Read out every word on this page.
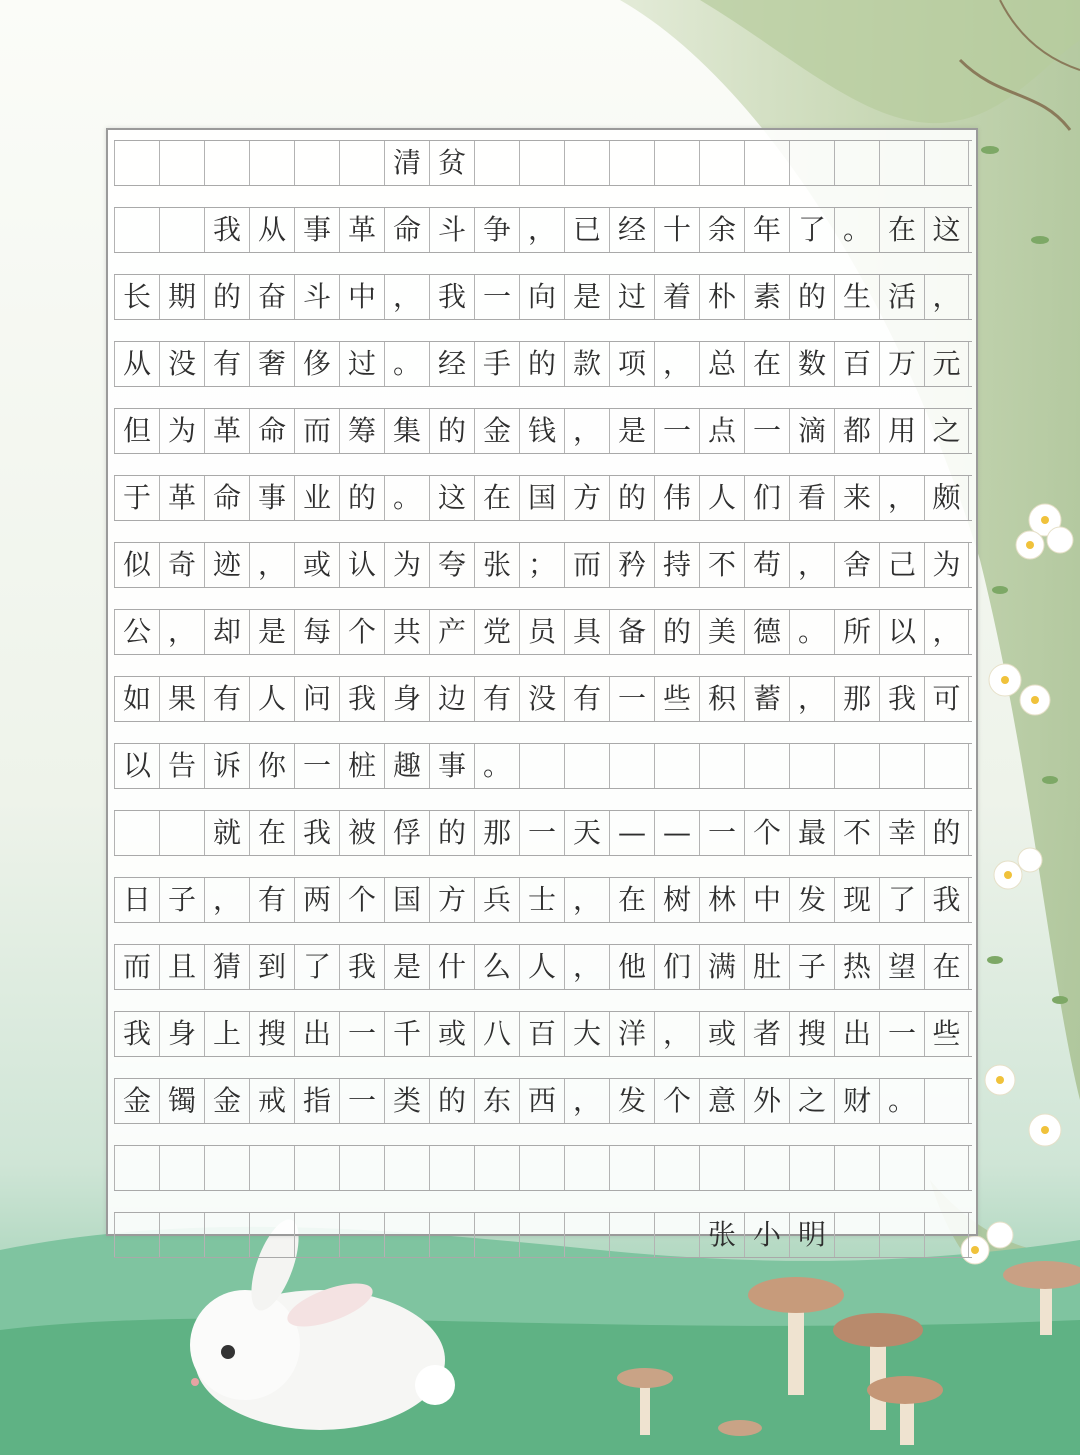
清 贫
我 从 事 革 命 斗 争 ， 已 经 十 余 年 了 。 在 这
长 期 的 奋 斗 中 ， 我 一 向 是 过 着 朴 素 的 生 活 ，
从 没 有 奢 侈 过 。 经 手 的 款 项 ， 总 在 数 百 万 元
但 为 革 命 而 筹 集 的 金 钱 ， 是 一 点 一 滴 都 用 之
于 革 命 事 业 的 。 这 在 国 方 的 伟 人 们 看 来 ， 颇
似 奇 迹 ， 或 认 为 夸 张 ； 而 矜 持 不 苟 ， 舍 己 为
公 ， 却 是 每 个 共 产 党 员 具 备 的 美 德 。 所 以 ，
如 果 有 人 问 我 身 边 有 没 有 一 些 积 蓄 ， 那 我 可
以 告 诉 你 一 桩 趣 事 。
就 在 我 被 俘 的 那 一 天 — — 一 个 最 不 幸 的
日 子 ， 有 两 个 国 方 兵 士 ， 在 树 林 中 发 现 了 我
而 且 猜 到 了 我 是 什 么 人 ， 他 们 满 肚 子 热 望 在
我 身 上 搜 出 一 千 或 八 百 大 洋 ， 或 者 搜 出 一 些
金 镯 金 戒 指 一 类 的 东 西 ， 发 个 意 外 之 财 。
张 小 明
